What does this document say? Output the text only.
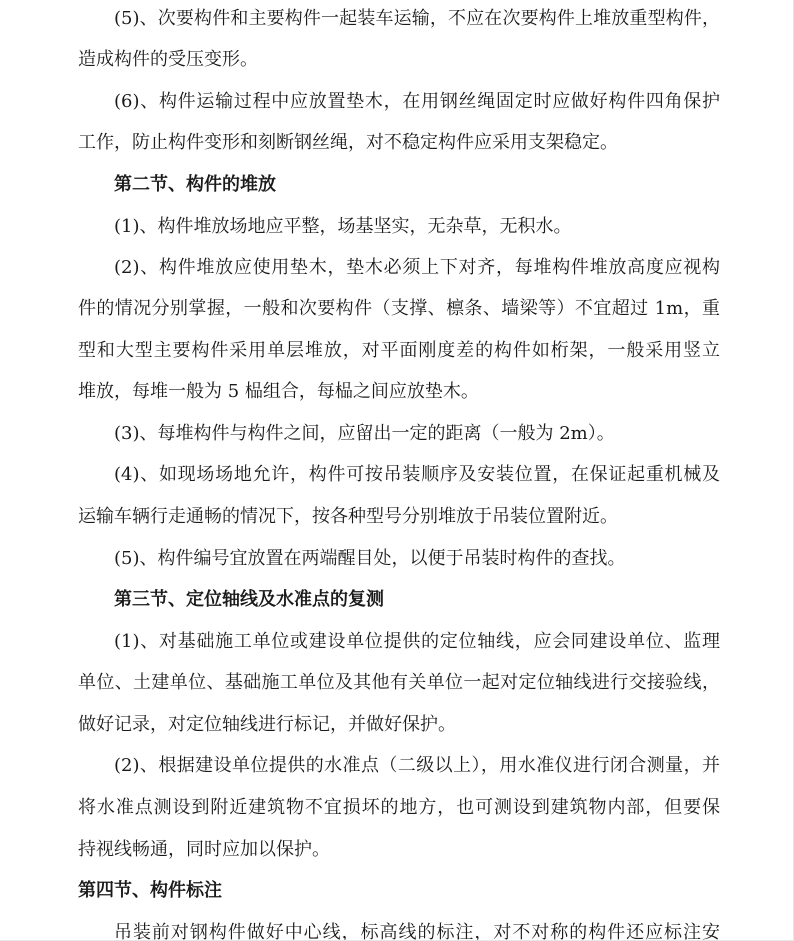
(5)、次要构件和主要构件一起装车运输，不应在次要构件上堆放重型构件，
造成构件的受压变形。
(6)、构件运输过程中应放置垫木，在用钢丝绳固定时应做好构件四角保护
工作，防止构件变形和刻断钢丝绳，对不稳定构件应采用支架稳定。
第二节、构件的堆放
(1)、构件堆放场地应平整，场基坚实，无杂草，无积水。
(2)、构件堆放应使用垫木，垫木必须上下对齐，每堆构件堆放高度应视构
件的情况分别掌握，一般和次要构件（支撑、檩条、墙梁等）不宜超过 1m，重
型和大型主要构件采用单层堆放，对平面刚度差的构件如桁架，一般采用竖立
堆放，每堆一般为 5 榀组合，每榀之间应放垫木。
(3)、每堆构件与构件之间，应留出一定的距离（一般为 2m）。
(4)、如现场场地允许，构件可按吊装顺序及安装位置，在保证起重机械及
运输车辆行走通畅的情况下，按各种型号分别堆放于吊装位置附近。
(5)、构件编号宜放置在两端醒目处，以便于吊装时构件的查找。
第三节、定位轴线及水准点的复测
(1)、对基础施工单位或建设单位提供的定位轴线，应会同建设单位、监理
单位、土建单位、基础施工单位及其他有关单位一起对定位轴线进行交接验线，
做好记录，对定位轴线进行标记，并做好保护。
(2)、根据建设单位提供的水准点（二级以上），用水准仪进行闭合测量，并
将水准点测设到附近建筑物不宜损坏的地方，也可测设到建筑物内部，但要保
持视线畅通，同时应加以保护。
第四节、构件标注
吊装前对钢构件做好中心线，标高线的标注，对不对称的构件还应标注安
